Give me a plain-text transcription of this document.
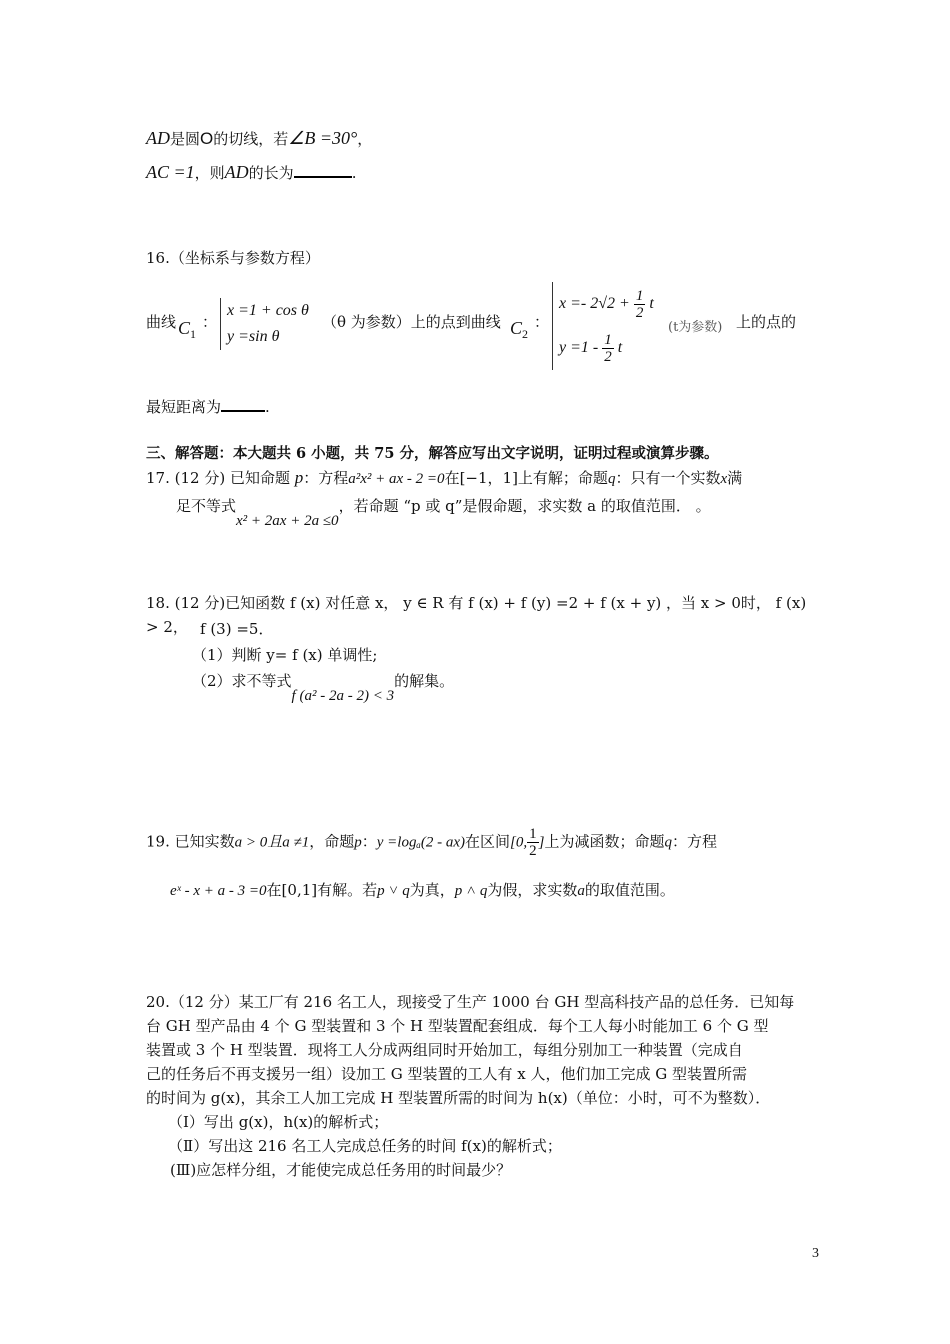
AD是圆O的切线，若∠B =30°，
AC =1，则AD的长为	.
16.（坐标系与参数方程）
曲线 $C_1$
：
x =1 + cos θ
y =sin θ
（θ 为参数）上的点到曲线 $C_2$
：
$x =- 2√2 + \frac{1}{2}$ t
$y =1 - \frac{1}{2}$ t
(t为参数) 上的点的
最短距离为	.
三、解答题：本大题共 6 小题，共 75 分，解答应写出文字说明，证明过程或演算步骤。
17. (12 分) 已知命题 p：方程a²x² + ax - 2 =0在[−1，1]上有解；命题q：只有一个实数x满
足不等式x² + 2ax + 2a ≤0，若命题 “p 或 q”是假命题，求实数 a 的取值范围． 。
18. (12 分)已知函数 f (x) 对任意 x， y ∈ R 有 f (x) + f (y) =2 + f (x + y) ，当 x > 0时， f (x) > 2， f (3) =5．
（1）判断 y= f (x) 单调性;
（2）求不等式f (a² - 2a - 2) < 3的解集。
19. 已知实数a > 0且a ≠1，命题p：y =logₐ(2 - ax)在区间[0, $\frac{1}{2}$ ]上为减函数；命题q：方程
eˣ - x + a - 3 =0在[0,1]有解。若p ˅ q为真，p ˄ q为假，求实数a的取值范围。
20.（12 分）某工厂有 216 名工人，现接受了生产 1000 台 GH 型高科技产品的总任务．已知每
台 GH 型产品由 4 个 G 型装置和 3 个 H 型装置配套组成．每个工人每小时能加工 6 个 G 型
装置或 3 个 H 型装置．现将工人分成两组同时开始加工，每组分别加工一种装置（完成自
己的任务后不再支援另一组）设加工 G 型装置的工人有 x 人，他们加工完成 G 型装置所需
的时间为 g(x)，其余工人加工完成 H 型装置所需的时间为 h(x)（单位：小时，可不为整数）．
（Ⅰ）写出 g(x)，h(x)的解析式；
（Ⅱ）写出这 216 名工人完成总任务的时间 f(x)的解析式；
(Ⅲ)应怎样分组，才能使完成总任务用的时间最少？
3
